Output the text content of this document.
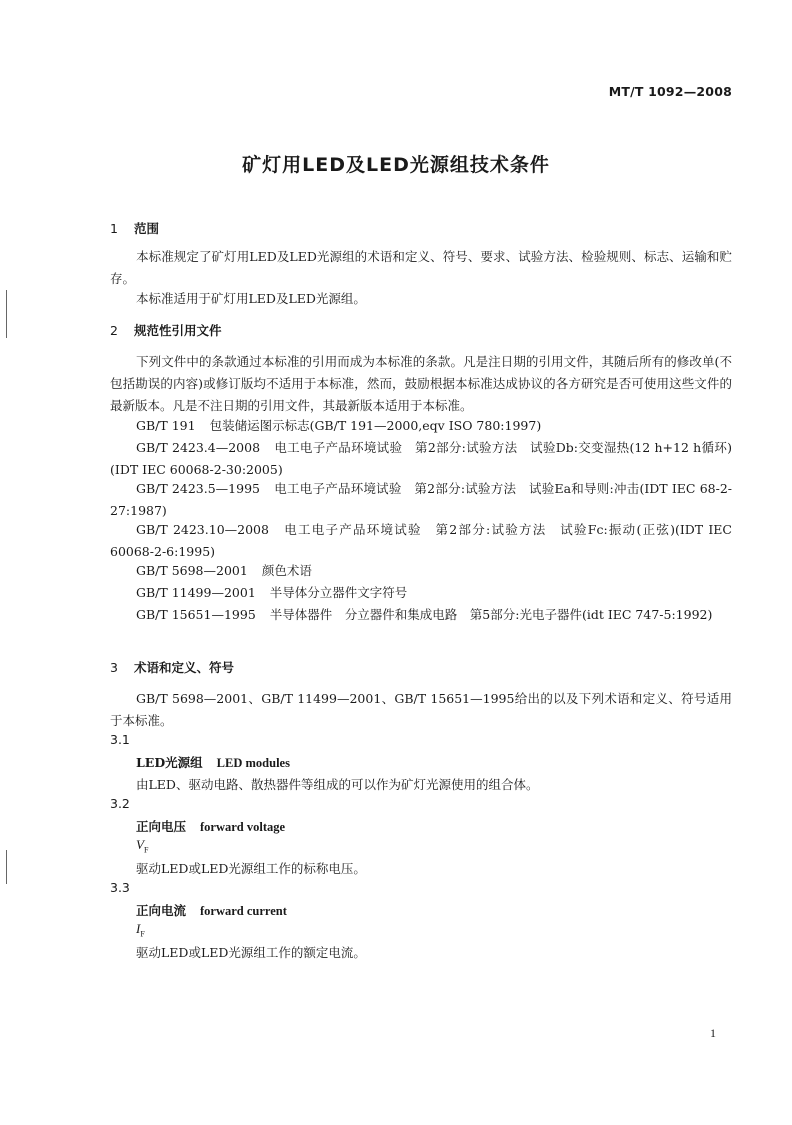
MT/T 1092—2008
矿灯用LED及LED光源组技术条件
1 范围
本标准规定了矿灯用LED及LED光源组的术语和定义、符号、要求、试验方法、检验规则、标志、运输和贮存。
本标准适用于矿灯用LED及LED光源组。
2 规范性引用文件
下列文件中的条款通过本标准的引用而成为本标准的条款。凡是注日期的引用文件，其随后所有的修改单(不包括勘误的内容)或修订版均不适用于本标准，然而，鼓励根据本标准达成协议的各方研究是否可使用这些文件的最新版本。凡是不注日期的引用文件，其最新版本适用于本标准。
GB/T 191 包装储运图示标志(GB/T 191—2000,eqv ISO 780:1997)
GB/T 2423.4—2008 电工电子产品环境试验　第2部分:试验方法　试验Db:交变湿热(12 h+12 h循环)(IDT IEC 60068-2-30:2005)
GB/T 2423.5—1995 电工电子产品环境试验　第2部分:试验方法　试验Ea和导则:冲击(IDT IEC 68-2-27:1987)
GB/T 2423.10—2008 电工电子产品环境试验　第2部分:试验方法　试验Fc:振动(正弦)(IDT IEC 60068-2-6:1995)
GB/T 5698—2001 颜色术语
GB/T 11499—2001 半导体分立器件文字符号
GB/T 15651—1995 半导体器件　分立器件和集成电路　第5部分:光电子器件(idt IEC 747-5:1992)
3 术语和定义、符号
GB/T 5698—2001、GB/T 11499—2001、GB/T 15651—1995给出的以及下列术语和定义、符号适用于本标准。
3.1
LED光源组 LED modules
由LED、驱动电路、散热器件等组成的可以作为矿灯光源使用的组合体。
3.2
正向电压 forward voltage
$V_F$
驱动LED或LED光源组工作的标称电压。
3.3
正向电流 forward current
$I_F$
驱动LED或LED光源组工作的额定电流。
1
